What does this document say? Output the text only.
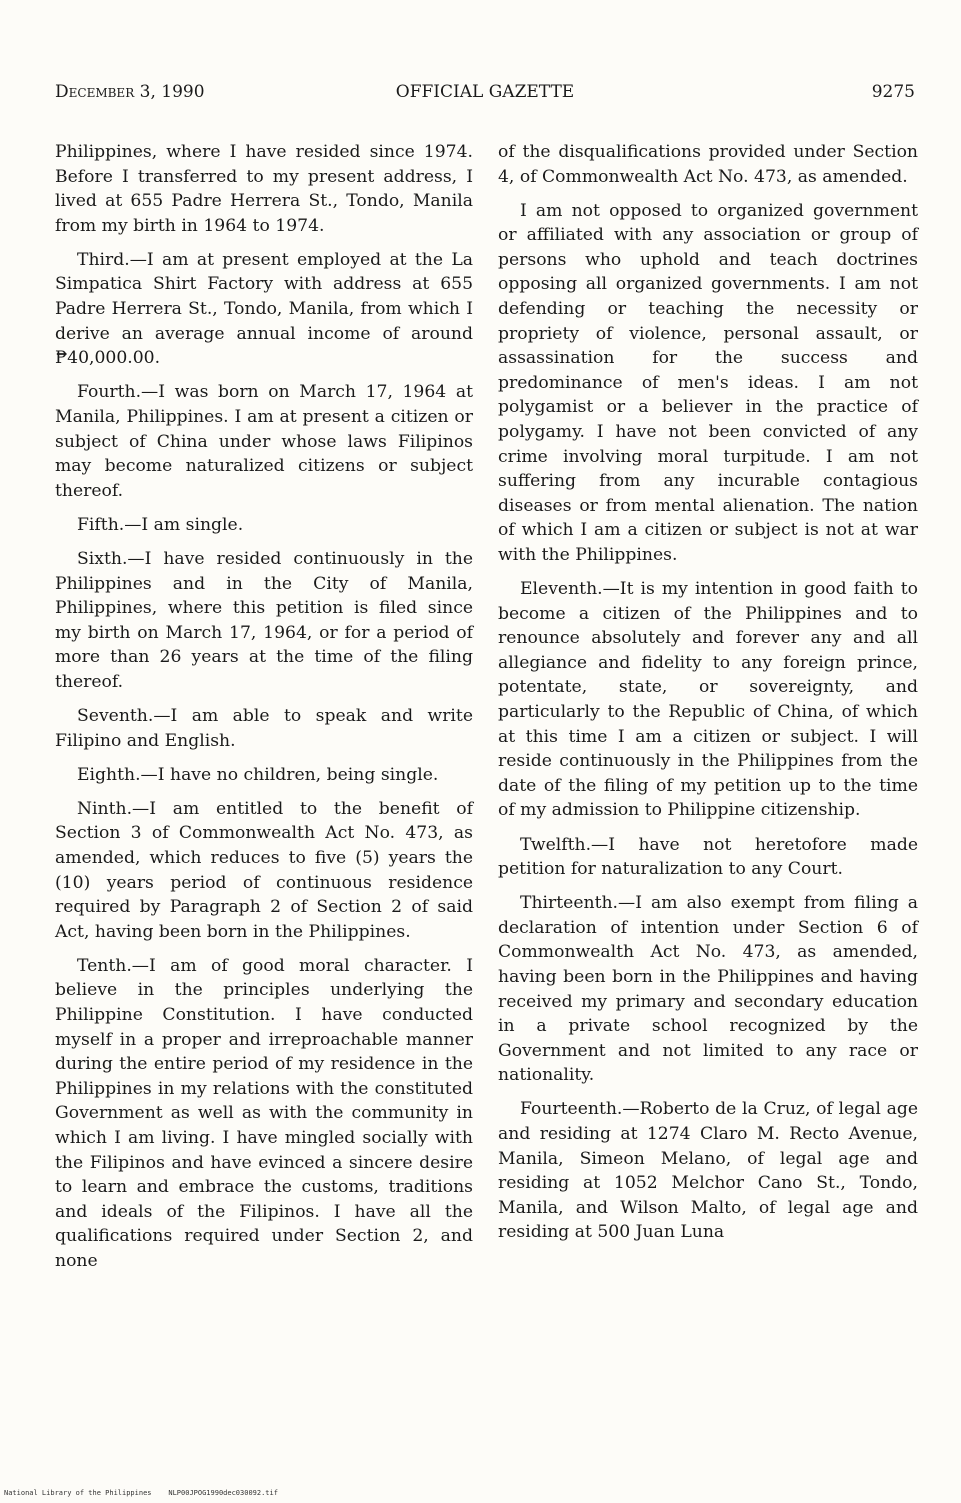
December 3, 1990	OFFICIAL GAZETTE	9275

Philippines, where I have resided since 1974. Before I transferred to my present address, I lived at 655 Padre Herrera St., Tondo, Manila from my birth in 1964 to 1974.

Third.—I am at present employed at the La Simpatica Shirt Factory with address at 655 Padre Herrera St., Tondo, Manila, from which I derive an average annual income of around ₱40,000.00.

Fourth.—I was born on March 17, 1964 at Manila, Philippines. I am at present a citizen or subject of China under whose laws Filipinos may become naturalized citizens or subject thereof.

Fifth.—I am single.

Sixth.—I have resided continuously in the Philippines and in the City of Manila, Philippines, where this petition is filed since my birth on March 17, 1964, or for a period of more than 26 years at the time of the filing thereof.

Seventh.—I am able to speak and write Filipino and English.

Eighth.—I have no children, being single.

Ninth.—I am entitled to the benefit of Section 3 of Commonwealth Act No. 473, as amended, which reduces to five (5) years the (10) years period of continuous residence required by Paragraph 2 of Section 2 of said Act, having been born in the Philippines.

Tenth.—I am of good moral character. I believe in the principles underlying the Philippine Constitution. I have conducted myself in a proper and irreproachable manner during the entire period of my residence in the Philippines in my relations with the constituted Government as well as with the community in which I am living. I have mingled socially with the Filipinos and have evinced a sincere desire to learn and embrace the customs, traditions and ideals of the Filipinos. I have all the qualifications required under Section 2, and none

of the disqualifications provided under Section 4, of Commonwealth Act No. 473, as amended.

I am not opposed to organized government or affiliated with any association or group of persons who uphold and teach doctrines opposing all organized governments. I am not defending or teaching the necessity or propriety of violence, personal assault, or assassination for the success and predominance of men's ideas. I am not polygamist or a believer in the practice of polygamy. I have not been convicted of any crime involving moral turpitude. I am not suffering from any incurable contagious diseases or from mental alienation. The nation of which I am a citizen or subject is not at war with the Philippines.

Eleventh.—It is my intention in good faith to become a citizen of the Philippines and to renounce absolutely and forever any and all allegiance and fidelity to any foreign prince, potentate, state, or sovereignty, and particularly to the Republic of China, of which at this time I am a citizen or subject. I will reside continuously in the Philippines from the date of the filing of my petition up to the time of my admission to Philippine citizenship.

Twelfth.—I have not heretofore made petition for naturalization to any Court.

Thirteenth.—I am also exempt from filing a declaration of intention under Section 6 of Commonwealth Act No. 473, as amended, having been born in the Philippines and having received my primary and secondary education in a private school recognized by the Government and not limited to any race or nationality.

Fourteenth.—Roberto de la Cruz, of legal age and residing at 1274 Claro M. Recto Avenue, Manila, Simeon Melano, of legal age and residing at 1052 Melchor Cano St., Tondo, Manila, and Wilson Malto, of legal age and residing at 500 Juan Luna

National Library of the Philippines NLP00JPOG1990dec030092.tif
